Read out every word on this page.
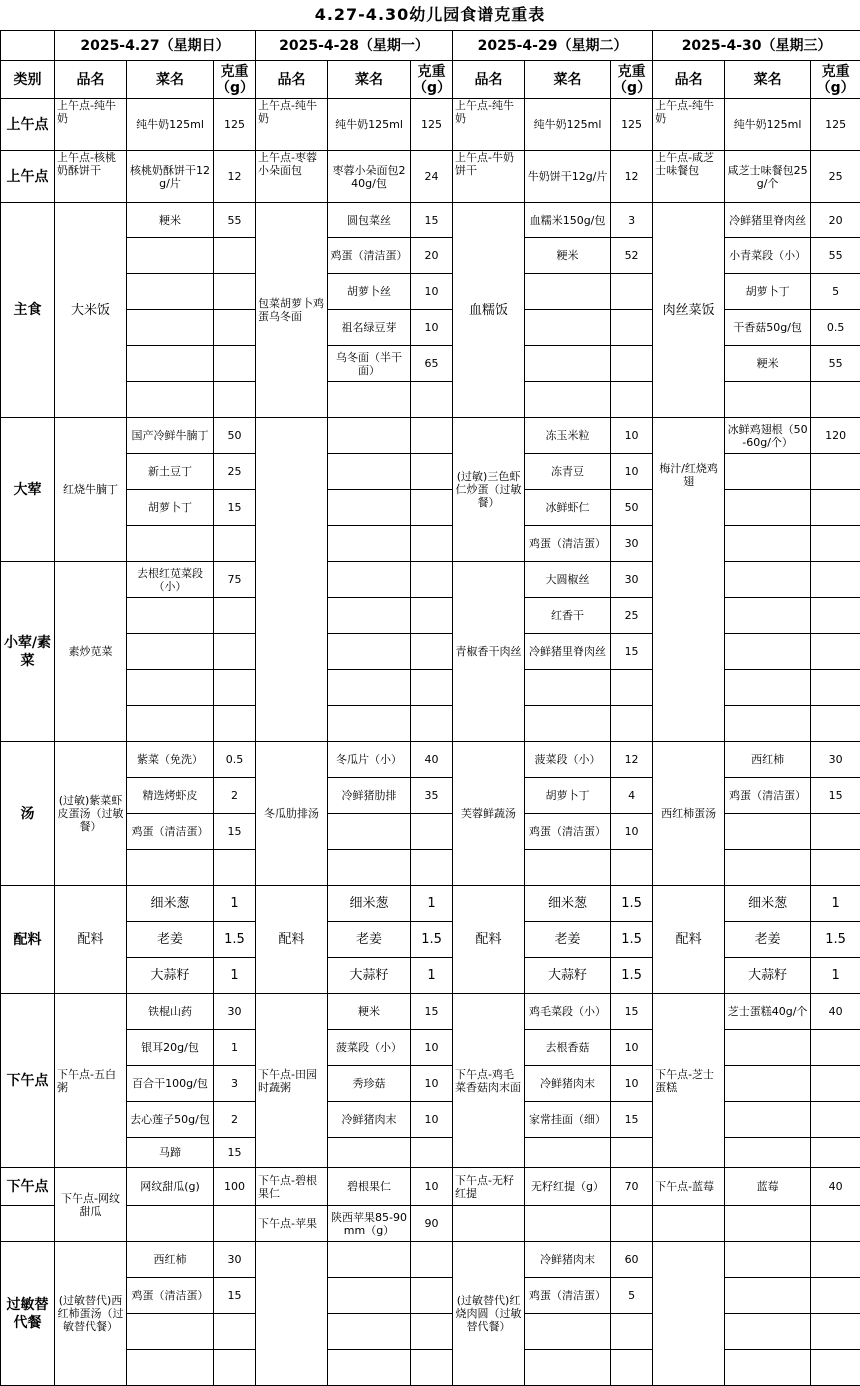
4.27-4.30幼儿园食谱克重表
	2025-4.27（星期日）			2025-4-28（星期一）			2025-4-29（星期二）			2025-4-30（星期三）		
类别	品名	菜名	克重（g）	品名	菜名	克重（g）	品名	菜名	克重（g）	品名	菜名	克重（g）
上午点	上午点-纯牛奶	纯牛奶125ml	125	上午点-纯牛奶	纯牛奶125ml	125	上午点-纯牛奶	纯牛奶125ml	125	上午点-纯牛奶	纯牛奶125ml	125
上午点	上午点-核桃奶酥饼干	核桃奶酥饼干12g/片	12	上午点-枣蓉小朵面包	枣蓉小朵面包240g/包	24	上午点-牛奶饼干	牛奶饼干12g/片	12	上午点-咸芝士味餐包	咸芝士味餐包25g/个	25
主食	大米饭	粳米	55	包菜胡萝卜鸡蛋乌冬面	圆包菜丝	15	血糯饭	血糯米150g/包	3	肉丝菜饭	冷鲜猪里脊肉丝	20
					鸡蛋（清洁蛋）	20		粳米	52		小青菜段（小）	55
					胡萝卜丝	10					胡萝卜丁	5
					祖名绿豆芽	10					干香菇50g/包	0.5
					乌冬面（半干面）	65					粳米	55

大荤	红烧牛腩丁	国产冷鲜牛腩丁	50				(过敏)三色虾仁炒蛋（过敏餐）	冻玉米粒	10	梅汁/红烧鸡翅	冰鲜鸡翅根（50-60g/个）	120
		新土豆丁	25					冻青豆	10			
		胡萝卜丁	15					冰鲜虾仁	50			
								鸡蛋（清洁蛋）	30			
小荤/素菜	素炒苋菜	去根红苋菜段（小）	75				青椒香干肉丝	大圆椒丝	30			
								红香干	25			
								冷鲜猪里脊肉丝	15			

汤	(过敏)紫菜虾皮蛋汤（过敏餐）	紫菜（免洗）	0.5	冬瓜肋排汤	冬瓜片（小）	40	芙蓉鲜蔬汤	菠菜段（小）	12	西红柿蛋汤	西红柿	30
		精选烤虾皮	2		冷鲜猪肋排	35		胡萝卜丁	4		鸡蛋（清洁蛋）	15
		鸡蛋（清洁蛋）	15					鸡蛋（清洁蛋）	10			

配料	配料	细米葱	1	配料	细米葱	1	配料	细米葱	1.5	配料	细米葱	1
		老姜	1.5		老姜	1.5		老姜	1.5		老姜	1.5
		大蒜籽	1		大蒜籽	1		大蒜籽	1.5		大蒜籽	1
下午点	下午点-五白粥	铁棍山药	30	下午点-田园时蔬粥	粳米	15	下午点-鸡毛菜香菇肉末面	鸡毛菜段（小）	15	下午点-芝士蛋糕	芝士蛋糕40g/个	40
		银耳20g/包	1		菠菜段（小）	10		去根香菇	10			
		百合干100g/包	3		秀珍菇	10		冷鲜猪肉末	10			
		去心莲子50g/包	2		冷鲜猪肉末	10		家常挂面（细）	15			
		马蹄	15									
下午点	下午点-网纹甜瓜	网纹甜瓜(g)	100	下午点-碧根果仁	碧根果仁	10	下午点-无籽红提	无籽红提（g）	70	下午点-蓝莓	蓝莓	40
				下午点-苹果	陕西苹果85-90mm（g）	90						
过敏替代餐	(过敏替代)西红柿蛋汤（过敏替代餐）	西红柿	30				(过敏替代)红烧肉圆（过敏替代餐）	冷鲜猪肉末	60			
		鸡蛋（清洁蛋）	15					鸡蛋（清洁蛋）	5			
